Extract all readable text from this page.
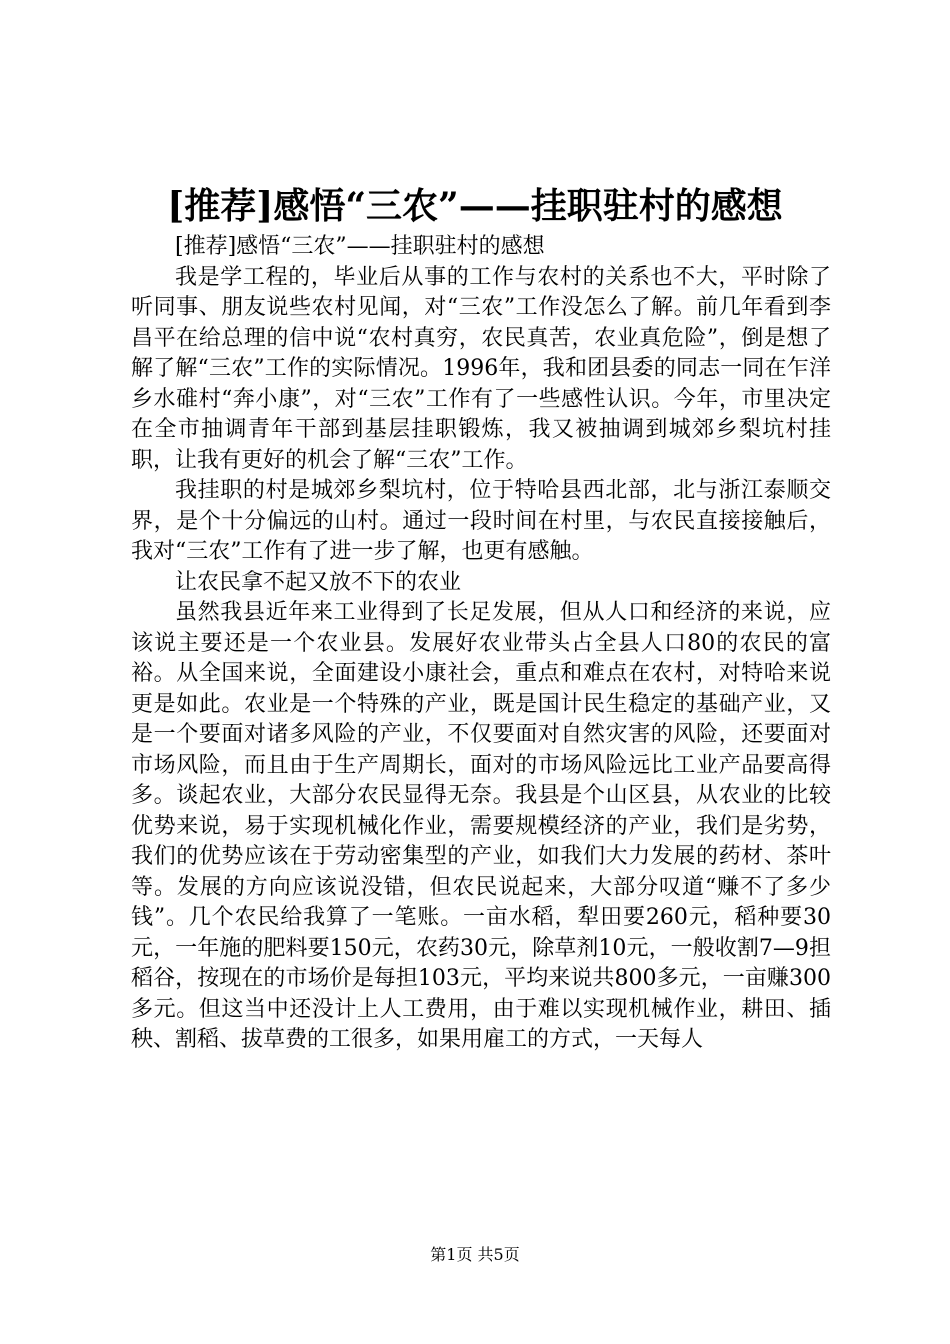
[推荐]感悟“三农”——挂职驻村的感想

[推荐]感悟“三农”——挂职驻村的感想

我是学工程的，毕业后从事的工作与农村的关系也不大，平时除了听同事、朋友说些农村见闻，对“三农”工作没怎么了解。前几年看到李昌平在给总理的信中说“农村真穷，农民真苦，农业真危险”，倒是想了解了解“三农”工作的实际情况。1996年，我和团县委的同志一同在乍洋乡水碓村“奔小康”，对“三农”工作有了一些感性认识。今年，市里决定在全市抽调青年干部到基层挂职锻炼，我又被抽调到城郊乡梨坑村挂职，让我有更好的机会了解“三农”工作。

我挂职的村是城郊乡梨坑村，位于特哈县西北部，北与浙江泰顺交界，是个十分偏远的山村。通过一段时间在村里，与农民直接接触后，我对“三农”工作有了进一步了解，也更有感触。

让农民拿不起又放不下的农业

虽然我县近年来工业得到了长足发展，但从人口和经济的来说，应该说主要还是一个农业县。发展好农业带头占全县人口80的农民的富裕。从全国来说，全面建设小康社会，重点和难点在农村，对特哈来说更是如此。农业是一个特殊的产业，既是国计民生稳定的基础产业，又是一个要面对诸多风险的产业，不仅要面对自然灾害的风险，还要面对市场风险，而且由于生产周期长，面对的市场风险远比工业产品要高得多。谈起农业，大部分农民显得无奈。我县是个山区县，从农业的比较优势来说，易于实现机械化作业，需要规模经济的产业，我们是劣势，我们的优势应该在于劳动密集型的产业，如我们大力发展的药材、茶叶等。发展的方向应该说没错，但农民说起来，大部分叹道“赚不了多少钱”。几个农民给我算了一笔账。一亩水稻，犁田要260元，稻种要30元，一年施的肥料要150元，农药30元，除草剂10元，一般收割7—9担稻谷，按现在的市场价是每担103元，平均来说共800多元，一亩赚300多元。但这当中还没计上人工费用，由于难以实现机械作业，耕田、插秧、割稻、拔草费的工很多，如果用雇工的方式，一天每人

第1页 共5页
